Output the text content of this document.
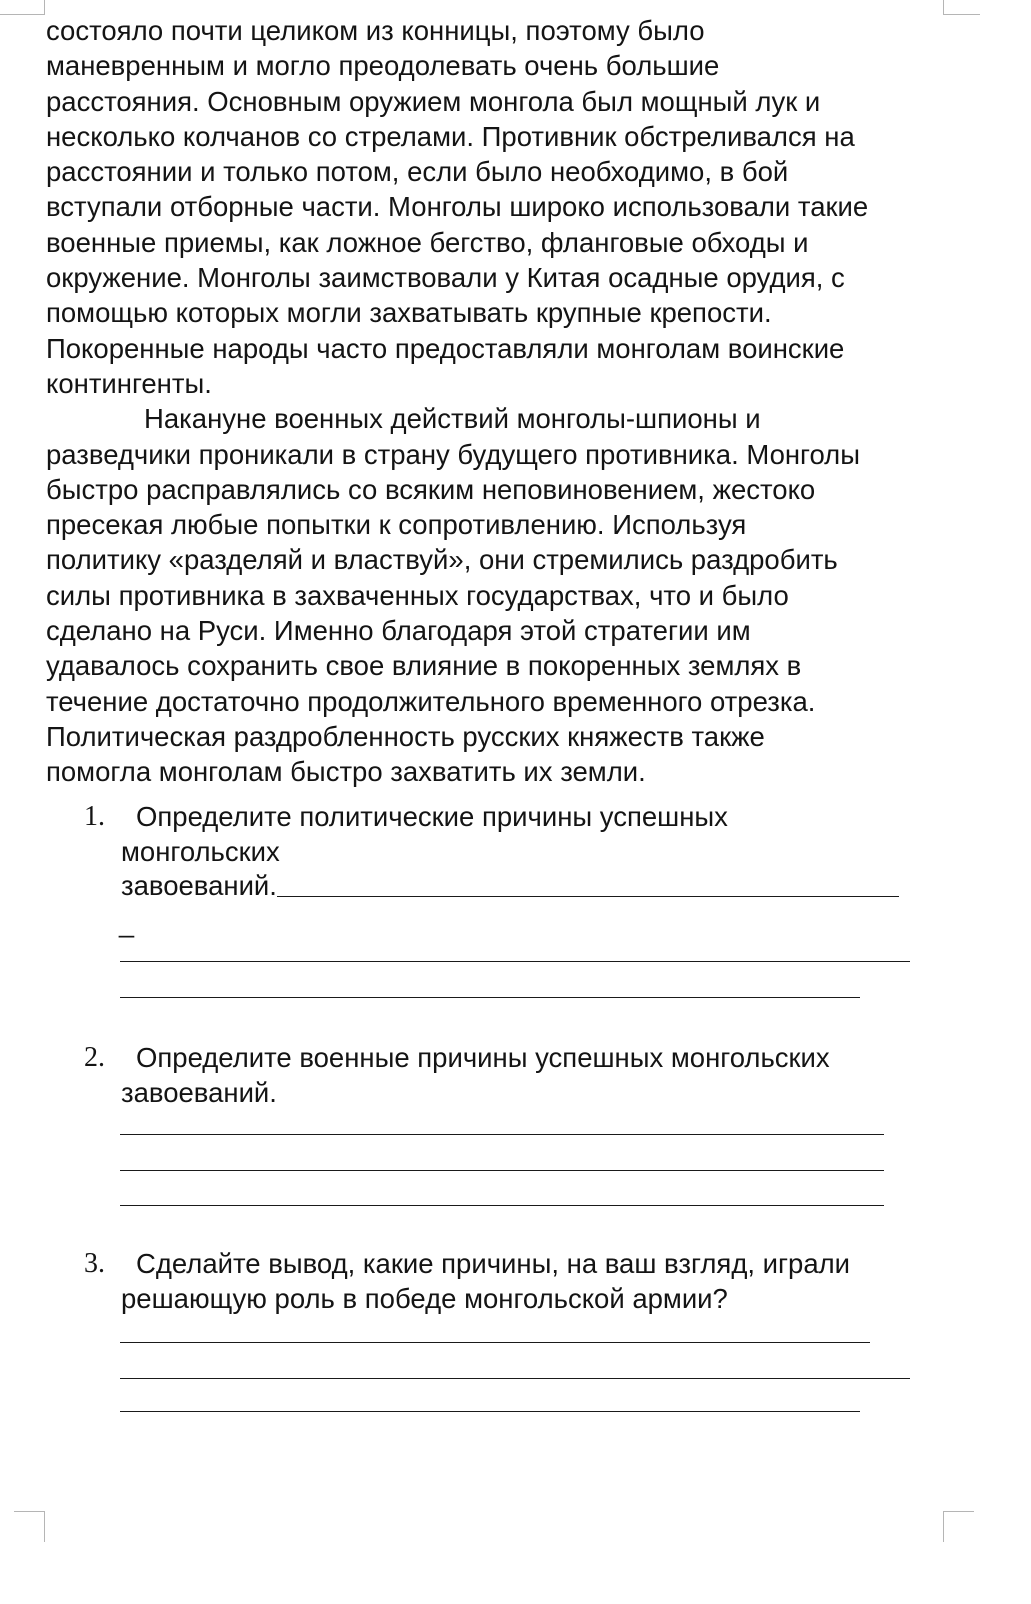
состояло почти целиком из конницы, поэтому было
маневренным и могло преодолевать очень большие
расстояния. Основным оружием монгола был мощный лук и
несколько колчанов со стрелами. Противник обстреливался на
расстоянии и только потом, если было необходимо, в бой
вступали отборные части. Монголы широко использовали такие
военные приемы, как ложное бегство, фланговые обходы и
окружение. Монголы заимствовали у Китая осадные орудия, с
помощью которых могли захватывать крупные крепости.
Покоренные народы часто предоставляли монголам воинские
контингенты.
Накануне военных действий монголы-шпионы и
разведчики проникали в страну будущего противника. Монголы
быстро расправлялись со всяким неповиновением, жестоко
пресекая любые попытки к сопротивлению. Используя
политику «разделяй и властвуй», они стремились раздробить
силы противника в захваченных государствах, что и было
сделано на Руси. Именно благодаря этой стратегии им
удавалось сохранить свое влияние в покоренных землях в
течение достаточно продолжительного временного отрезка.
Политическая раздробленность русских княжеств также
помогла монголам быстро захватить их земли.
1.	Определите политические причины успешных
монгольских
завоеваний.
_
2.	Определите военные причины успешных монгольских
завоеваний.
3.	Сделайте вывод, какие причины, на ваш взгляд, играли
решающую роль в победе монгольской армии?
